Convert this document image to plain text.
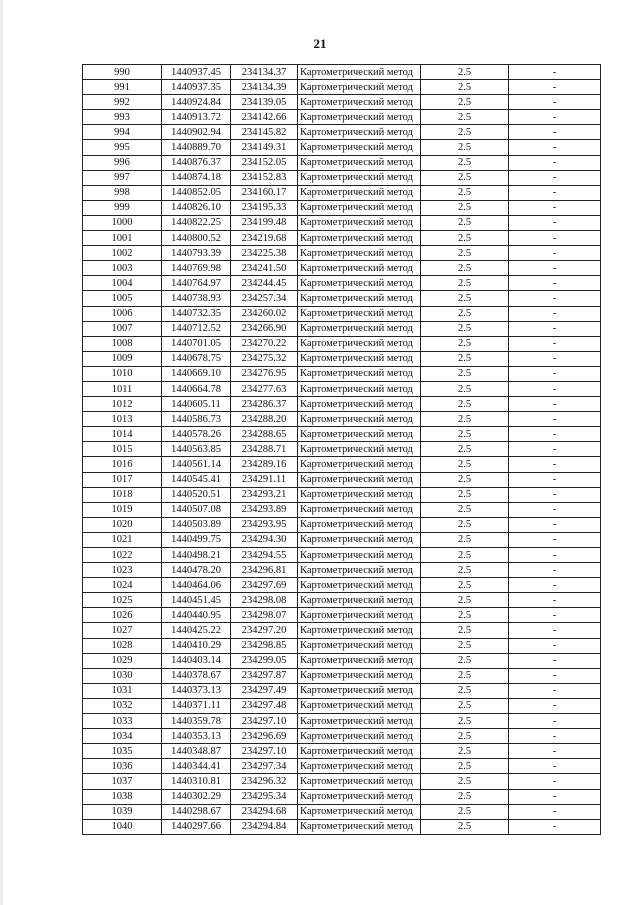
21
990	1440937.45	234134.37	Картометрический метод	2.5	-
991	1440937.35	234134.39	Картометрический метод	2.5	-
992	1440924.84	234139.05	Картометрический метод	2.5	-
993	1440913.72	234142.66	Картометрический метод	2.5	-
994	1440902.94	234145.82	Картометрический метод	2.5	-
995	1440889.70	234149.31	Картометрический метод	2.5	-
996	1440876.37	234152.05	Картометрический метод	2.5	-
997	1440874.18	234152.83	Картометрический метод	2.5	-
998	1440852.05	234160.17	Картометрический метод	2.5	-
999	1440826.10	234195.33	Картометрический метод	2.5	-
1000	1440822.25	234199.48	Картометрический метод	2.5	-
1001	1440800.52	234219.68	Картометрический метод	2.5	-
1002	1440793.39	234225.38	Картометрический метод	2.5	-
1003	1440769.98	234241.50	Картометрический метод	2.5	-
1004	1440764.97	234244.45	Картометрический метод	2.5	-
1005	1440738.93	234257.34	Картометрический метод	2.5	-
1006	1440732.35	234260.02	Картометрический метод	2.5	-
1007	1440712.52	234266.90	Картометрический метод	2.5	-
1008	1440701.05	234270.22	Картометрический метод	2.5	-
1009	1440678.75	234275.32	Картометрический метод	2.5	-
1010	1440669.10	234276.95	Картометрический метод	2.5	-
1011	1440664.78	234277.63	Картометрический метод	2.5	-
1012	1440605.11	234286.37	Картометрический метод	2.5	-
1013	1440586.73	234288.20	Картометрический метод	2.5	-
1014	1440578.26	234288.65	Картометрический метод	2.5	-
1015	1440563.85	234288.71	Картометрический метод	2.5	-
1016	1440561.14	234289.16	Картометрический метод	2.5	-
1017	1440545.41	234291.11	Картометрический метод	2.5	-
1018	1440520.51	234293.21	Картометрический метод	2.5	-
1019	1440507.08	234293.89	Картометрический метод	2.5	-
1020	1440503.89	234293.95	Картометрический метод	2.5	-
1021	1440499.75	234294.30	Картометрический метод	2.5	-
1022	1440498.21	234294.55	Картометрический метод	2.5	-
1023	1440478.20	234296.81	Картометрический метод	2.5	-
1024	1440464.06	234297.69	Картометрический метод	2.5	-
1025	1440451.45	234298.08	Картометрический метод	2.5	-
1026	1440440.95	234298.07	Картометрический метод	2.5	-
1027	1440425.22	234297.20	Картометрический метод	2.5	-
1028	1440410.29	234298.85	Картометрический метод	2.5	-
1029	1440403.14	234299.05	Картометрический метод	2.5	-
1030	1440378.67	234297.87	Картометрический метод	2.5	-
1031	1440373.13	234297.49	Картометрический метод	2.5	-
1032	1440371.11	234297.48	Картометрический метод	2.5	-
1033	1440359.78	234297.10	Картометрический метод	2.5	-
1034	1440353.13	234296.69	Картометрический метод	2.5	-
1035	1440348.87	234297.10	Картометрический метод	2.5	-
1036	1440344.41	234297.34	Картометрический метод	2.5	-
1037	1440310.81	234296.32	Картометрический метод	2.5	-
1038	1440302.29	234295.34	Картометрический метод	2.5	-
1039	1440298.67	234294.68	Картометрический метод	2.5	-
1040	1440297.66	234294.84	Картометрический метод	2.5	-
